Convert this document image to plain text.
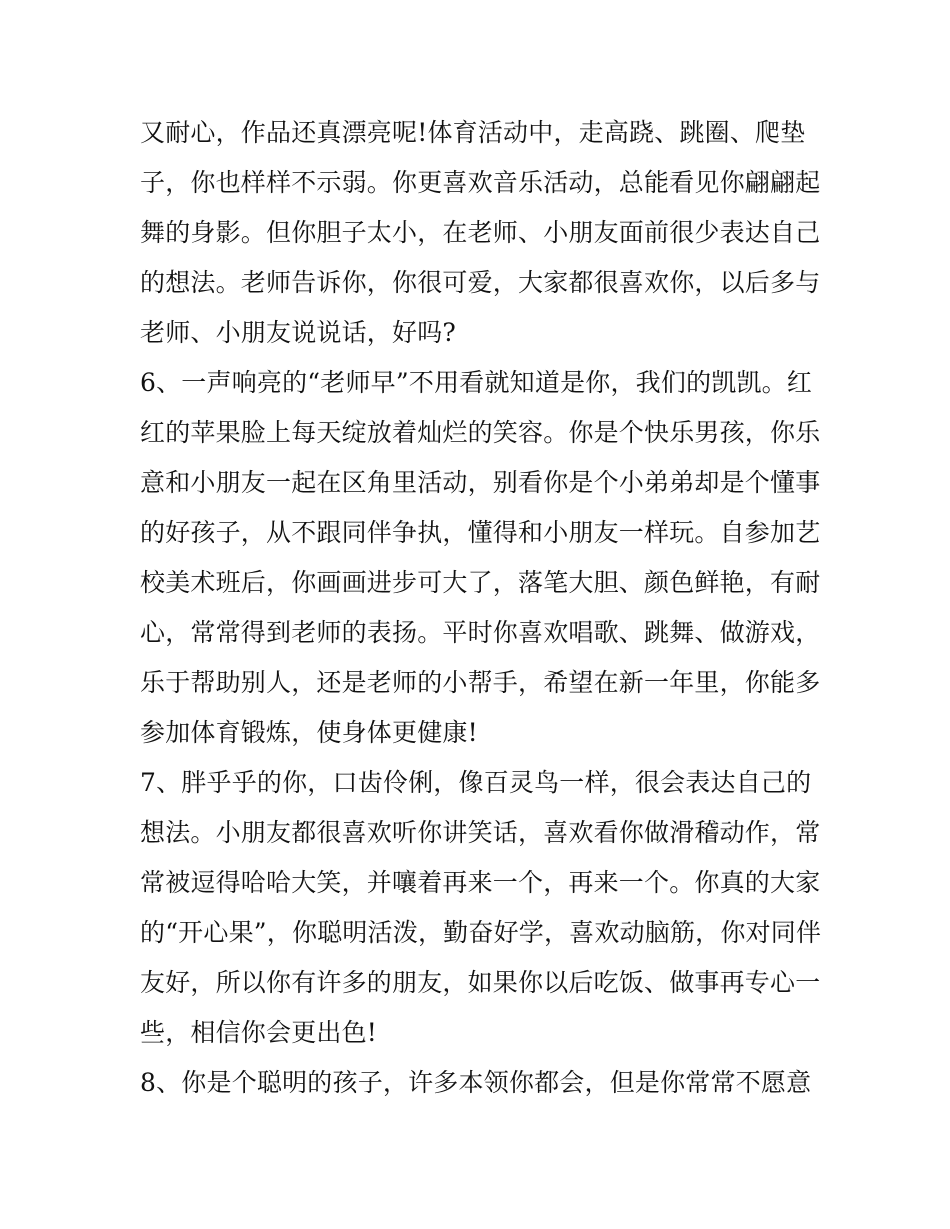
又耐心，作品还真漂亮呢!体育活动中，走高跷、跳圈、爬垫
子，你也样样不示弱。你更喜欢音乐活动，总能看见你翩翩起
舞的身影。但你胆子太小，在老师、小朋友面前很少表达自己
的想法。老师告诉你，你很可爱，大家都很喜欢你，以后多与
老师、小朋友说说话，好吗?
6、一声响亮的“老师早”不用看就知道是你，我们的凯凯。红
红的苹果脸上每天绽放着灿烂的笑容。你是个快乐男孩，你乐
意和小朋友一起在区角里活动，别看你是个小弟弟却是个懂事
的好孩子，从不跟同伴争执，懂得和小朋友一样玩。自参加艺
校美术班后，你画画进步可大了，落笔大胆、颜色鲜艳，有耐
心，常常得到老师的表扬。平时你喜欢唱歌、跳舞、做游戏，
乐于帮助别人，还是老师的小帮手，希望在新一年里，你能多
参加体育锻炼，使身体更健康!
7、胖乎乎的你，口齿伶俐，像百灵鸟一样，很会表达自己的
想法。小朋友都很喜欢听你讲笑话，喜欢看你做滑稽动作，常
常被逗得哈哈大笑，并嚷着再来一个，再来一个。你真的大家
的“开心果”，你聪明活泼，勤奋好学，喜欢动脑筋，你对同伴
友好，所以你有许多的朋友，如果你以后吃饭、做事再专心一
些，相信你会更出色!
8、你是个聪明的孩子，许多本领你都会，但是你常常不愿意
